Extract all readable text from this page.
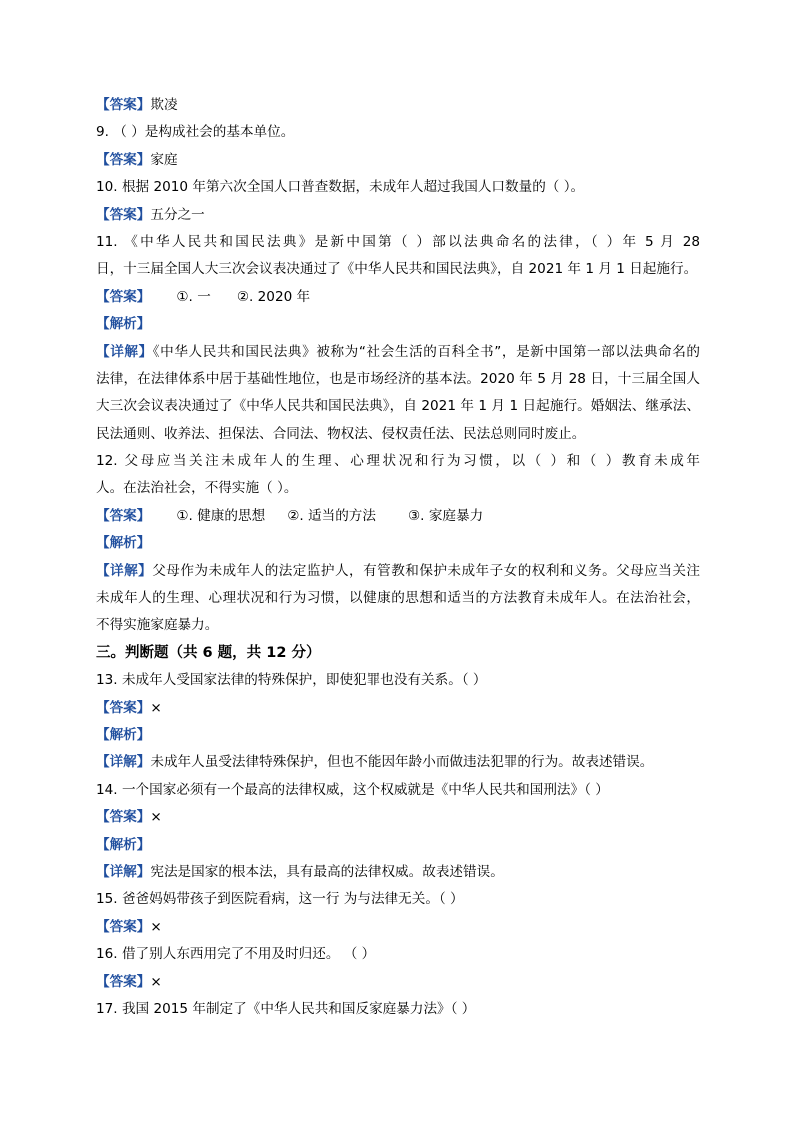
【答案】欺凌
9. （ ）是构成社会的基本单位。
【答案】家庭
10. 根据 2010 年第六次全国人口普查数据，未成年人超过我国人口数量的（ ）。
【答案】五分之一
11. 《中华人民共和国民法典》是新中国第（ ）部以法典命名的法律，（ ）年 5 月 28
日，十三届全国人大三次会议表决通过了《中华人民共和国民法典》，自 2021 年 1 月 1 日起施行。
【答案】 ①. 一 ②. 2020 年
【解析】
【详解】《中华人民共和国民法典》被称为“社会生活的百科全书”，是新中国第一部以法典命名的
法律，在法律体系中居于基础性地位，也是市场经济的基本法。2020 年 5 月 28 日，十三届全国人
大三次会议表决通过了《中华人民共和国民法典》，自 2021 年 1 月 1 日起施行。婚姻法、继承法、
民法通则、收养法、担保法、合同法、物权法、侵权责任法、民法总则同时废止。
12. 父母应当关注未成年人的生理、心理状况和行为习惯，以（ ）和（ ）教育未成年
人。在法治社会，不得实施（ ）。
【答案】 ①. 健康的思想 ②. 适当的方法 ③. 家庭暴力
【解析】
【详解】父母作为未成年人的法定监护人，有管教和保护未成年子女的权利和义务。父母应当关注
未成年人的生理、心理状况和行为习惯，以健康的思想和适当的方法教育未成年人。在法治社会，
不得实施家庭暴力。
三。判断题（共 6 题，共 12 分）
13. 未成年人受国家法律的特殊保护，即使犯罪也没有关系。（ ）
【答案】×
【解析】
【详解】未成年人虽受法律特殊保护，但也不能因年龄小而做违法犯罪的行为。故表述错误。
14. 一个国家必须有一个最高的法律权威，这个权威就是《中华人民共和国刑法》（ ）
【答案】×
【解析】
【详解】宪法是国家的根本法，具有最高的法律权威。故表述错误。
15. 爸爸妈妈带孩子到医院看病，这一行 为与法律无关。（ ）
【答案】×
16. 借了别人东西用完了不用及时归还。 （ ）
【答案】×
17. 我国 2015 年制定了《中华人民共和国反家庭暴力法》（ ）
